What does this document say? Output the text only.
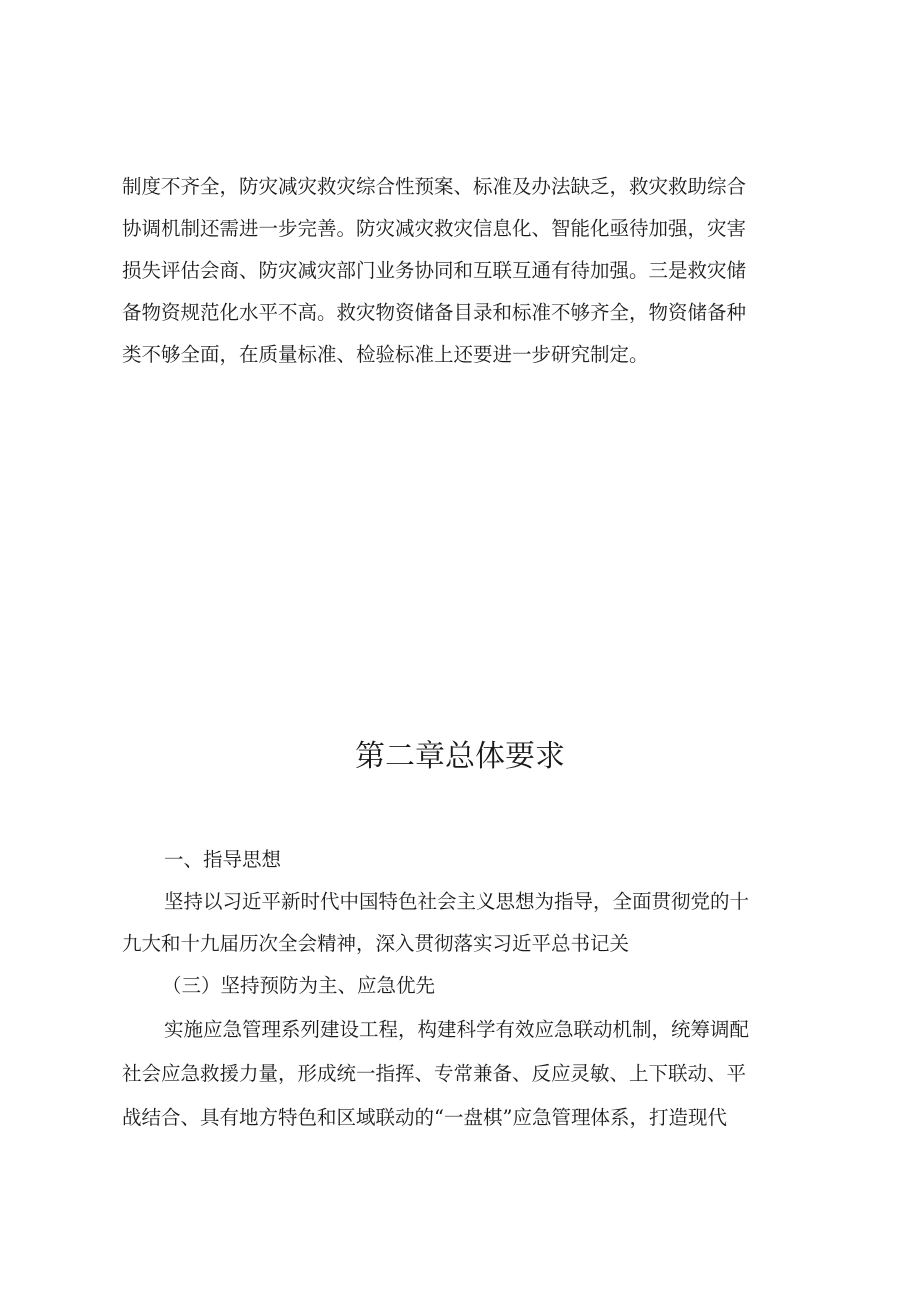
制度不齐全，防灾减灾救灾综合性预案、标准及办法缺乏，救灾救助综合
协调机制还需进一步完善。防灾减灾救灾信息化、智能化亟待加强，灾害
损失评估会商、防灾减灾部门业务协同和互联互通有待加强。三是救灾储
备物资规范化水平不高。救灾物资储备目录和标准不够齐全，物资储备种
类不够全面，在质量标准、检验标准上还要进一步研究制定。
第二章总体要求
一、指导思想
坚持以习近平新时代中国特色社会主义思想为指导，全面贯彻党的十
九大和十九届历次全会精神，深入贯彻落实习近平总书记关
（三）坚持预防为主、应急优先
实施应急管理系列建设工程，构建科学有效应急联动机制，统筹调配
社会应急救援力量，形成统一指挥、专常兼备、反应灵敏、上下联动、平
战结合、具有地方特色和区域联动的“一盘棋”应急管理体系，打造现代
